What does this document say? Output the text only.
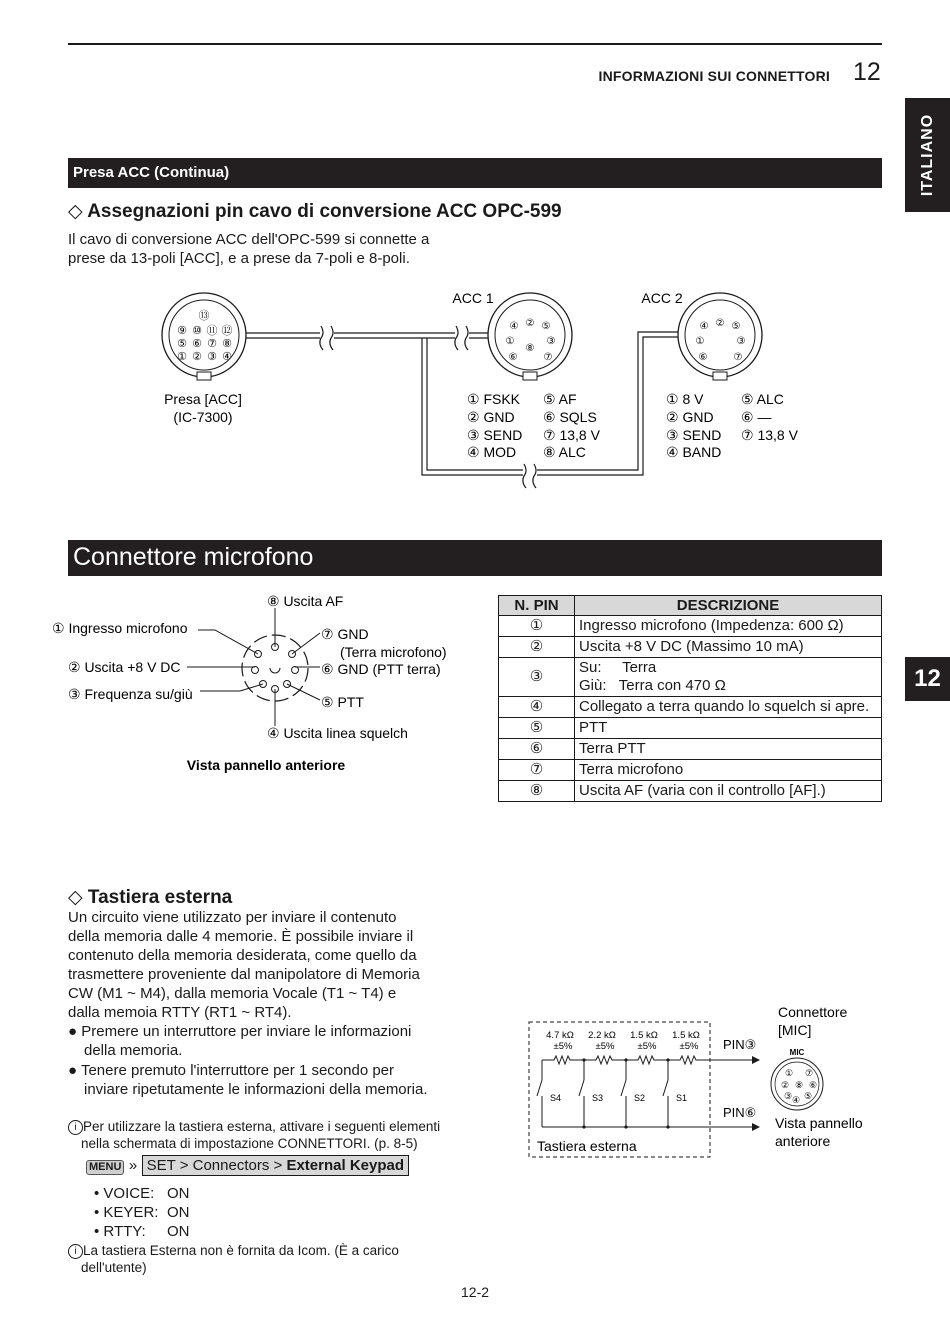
INFORMAZIONI SUI CONNETTORI 12
ITALIANO
12
Presa ACC (Continua)
◇ Assegnazioni pin cavo di conversione ACC OPC-599
Il cavo di conversione ACC dell'OPC-599 si connette a
prese da 13-poli [ACC], e a prese da 7-poli e 8-poli.
⑬
⑨ ⑩ ⑪ ⑫
⑤ ⑥ ⑦ ⑧
① ② ③ ④
ACC 1
②
④ ⑤
①	③
⑧
⑥	⑦
ACC 2
②
④ ⑤
①	③
⑥	⑦
Presa [ACC]
(IC-7300)
① FSKK
② GND
③ SEND
④ MOD
⑤ AF
⑥ SQLS
⑦ 13,8 V
⑧ ALC
① 8 V
② GND
③ SEND
④ BAND
⑤ ALC
⑥ —
⑦ 13,8 V
Connettore microfono
① Ingresso microfono
② Uscita +8 V DC
③ Frequenza su/giù
⑧ Uscita AF
⑦ GND
(Terra microfono)
⑥ GND (PTT terra)
⑤ PTT
④ Uscita linea squelch
Vista pannello anteriore
N. PIN	DESCRIZIONE
①	Ingresso microfono (Impedenza: 600 Ω)
②	Uscita +8 V DC (Massimo 10 mA)
③	Su:     Terra
Giù:   Terra con 470 Ω

④	Collegato a terra quando lo squelch si apre.
⑤	PTT
⑥	Terra PTT
⑦	Terra microfono
⑧	Uscita AF (varia con il controllo [AF].)
◇ Tastiera esterna
Un circuito viene utilizzato per inviare il contenuto
della memoria dalle 4 memorie. È possibile inviare il
contenuto della memoria desiderata, come quello da
trasmettere proveniente dal manipolatore di Memoria
CW (M1 ~ M4), dalla memoria Vocale (T1 ~ T4) e
dalla memoia RTTY (RT1 ~ RT4).
● Premere un interruttore per inviare le informazioni
della memoria.
● Tenere premuto l'interruttore per 1 secondo per
inviare ripetutamente le informazioni della memoria.
i Per utilizzare la tastiera esterna, attivare i seguenti elementi
nella schermata di impostazione CONNETTORI. (p. 8-5)
MENU » SET > Connectors > External Keypad
• VOICE: ON
• KEYER: ON
• RTTY:	ON
i La tastiera Esterna non è fornita da Icom. (È a carico
dell'utente)
4.7 kΩ
±5%
2.2 kΩ
±5%
1.5 kΩ
±5%
1.5 kΩ
±5%
S4	S3	S2	S1
PIN③
PIN⑥
Tastiera esterna
Connettore
[MIC]
MIC
① ⑦
② ⑧ ⑥
③ ④ ⑤
Vista pannello
anteriore
12-2
